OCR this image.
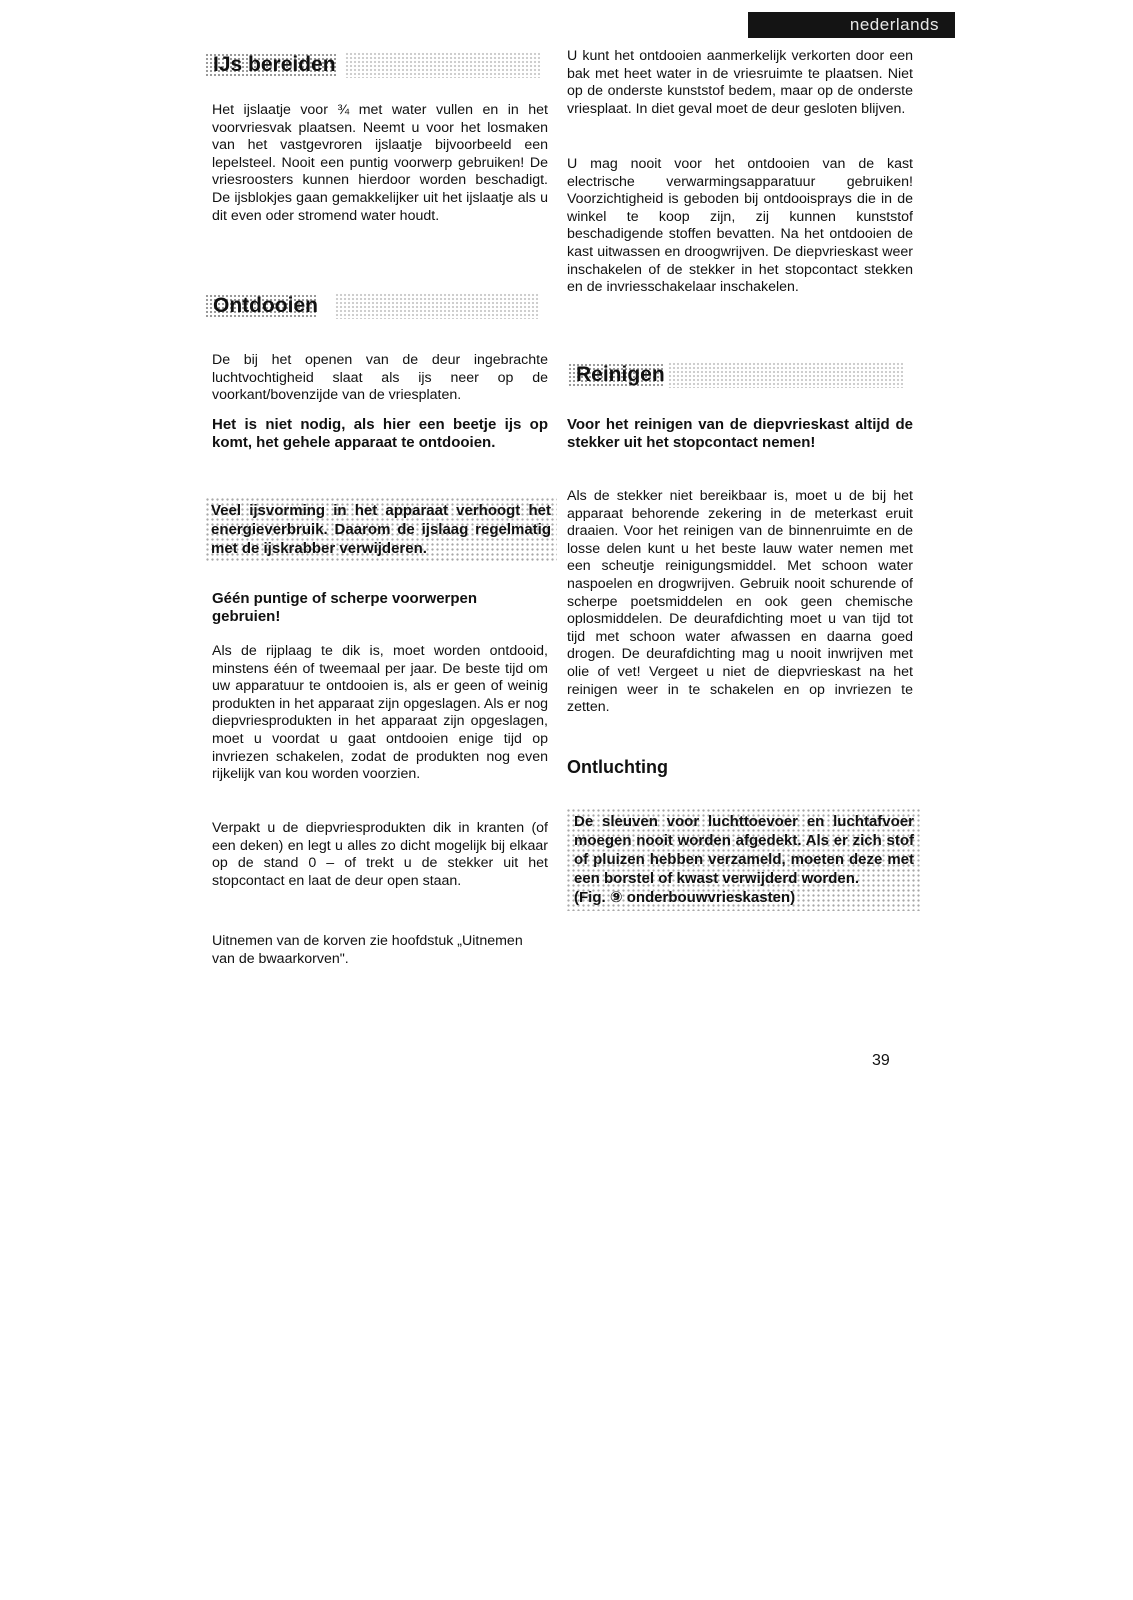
nederlands
IJs bereiden

Het ijslaatje voor ¾ met water vullen en in het voorvriesvak plaatsen. Neemt u voor het losmaken van het vastgevroren ijslaatje bijvoorbeeld een lepelsteel. Nooit een puntig voorwerp gebruiken! De vriesroosters kunnen hierdoor worden beschadigt. De ijsblokjes gaan gemakkelijker uit het ijslaatje als u dit even oder stromend water houdt.

Ontdooien

De bij het openen van de deur ingebrachte luchtvochtigheid slaat als ijs neer op de voorkant/bovenzijde van de vriesplaten.

Het is niet nodig, als hier een beetje ijs op komt, het gehele apparaat te ontdooien.

Veel ijsvorming in het apparaat verhoogt het energieverbruik. Daarom de ijslaag regelmatig met de ijskrabber verwijderen.

Géén puntige of scherpe voorwerpen gebruien!

Als de rijplaag te dik is, moet worden ontdooid, minstens één of tweemaal per jaar. De beste tijd om uw apparatuur te ontdooien is, als er geen of weinig produkten in het apparaat zijn opgeslagen. Als er nog diepvriesprodukten in het apparaat zijn opgeslagen, moet u voordat u gaat ontdooien enige tijd op invriezen schakelen, zodat de produkten nog even rijkelijk van kou worden voorzien.

Verpakt u de diepvriesprodukten dik in kranten (of een deken) en legt u alles zo dicht mogelijk bij elkaar op de stand 0 – of trekt u de stekker uit het stopcontact en laat de deur open staan.

Uitnemen van de korven zie hoofdstuk „Uitnemen van de bwaarkorven".

U kunt het ontdooien aanmerkelijk verkorten door een bak met heet water in de vriesruimte te plaatsen. Niet op de onderste kunststof bedem, maar op de onderste vriesplaat. In diet geval moet de deur gesloten blijven.

U mag nooit voor het ontdooien van de kast electrische verwarmingsapparatuur gebruiken! Voorzichtigheid is geboden bij ontdooisprays die in de winkel te koop zijn, zij kunnen kunststof beschadigende stoffen bevatten. Na het ontdooien de kast uitwassen en droogwrijven. De diepvrieskast weer inschakelen of de stekker in het stopcontact stekken en de invriesschakelaar inschakelen.

Reinigen

Voor het reinigen van de diepvrieskast altijd de stekker uit het stopcontact nemen!

Als de stekker niet bereikbaar is, moet u de bij het apparaat behorende zekering in de meterkast eruit draaien. Voor het reinigen van de binnenruimte en de losse delen kunt u het beste lauw water nemen met een scheutje reinigungsmiddel. Met schoon water naspoelen en drogwrijven. Gebruik nooit schurende of scherpe poetsmiddelen en ook geen chemische oplosmiddelen. De deurafdichting moet u van tijd tot tijd met schoon water afwassen en daarna goed drogen. De deurafdichting mag u nooit inwrijven met olie of vet! Vergeet u niet de diepvrieskast na het reinigen weer in te schakelen en op invriezen te zetten.

Ontluchting

De sleuven voor luchttoevoer en luchtafvoer moegen nooit worden afgedekt. Als er zich stof of pluizen hebben verzameld, moeten deze met een borstel of kwast verwijderd worden.

(Fig. ⑨ onderbouwvrieskasten)

39
